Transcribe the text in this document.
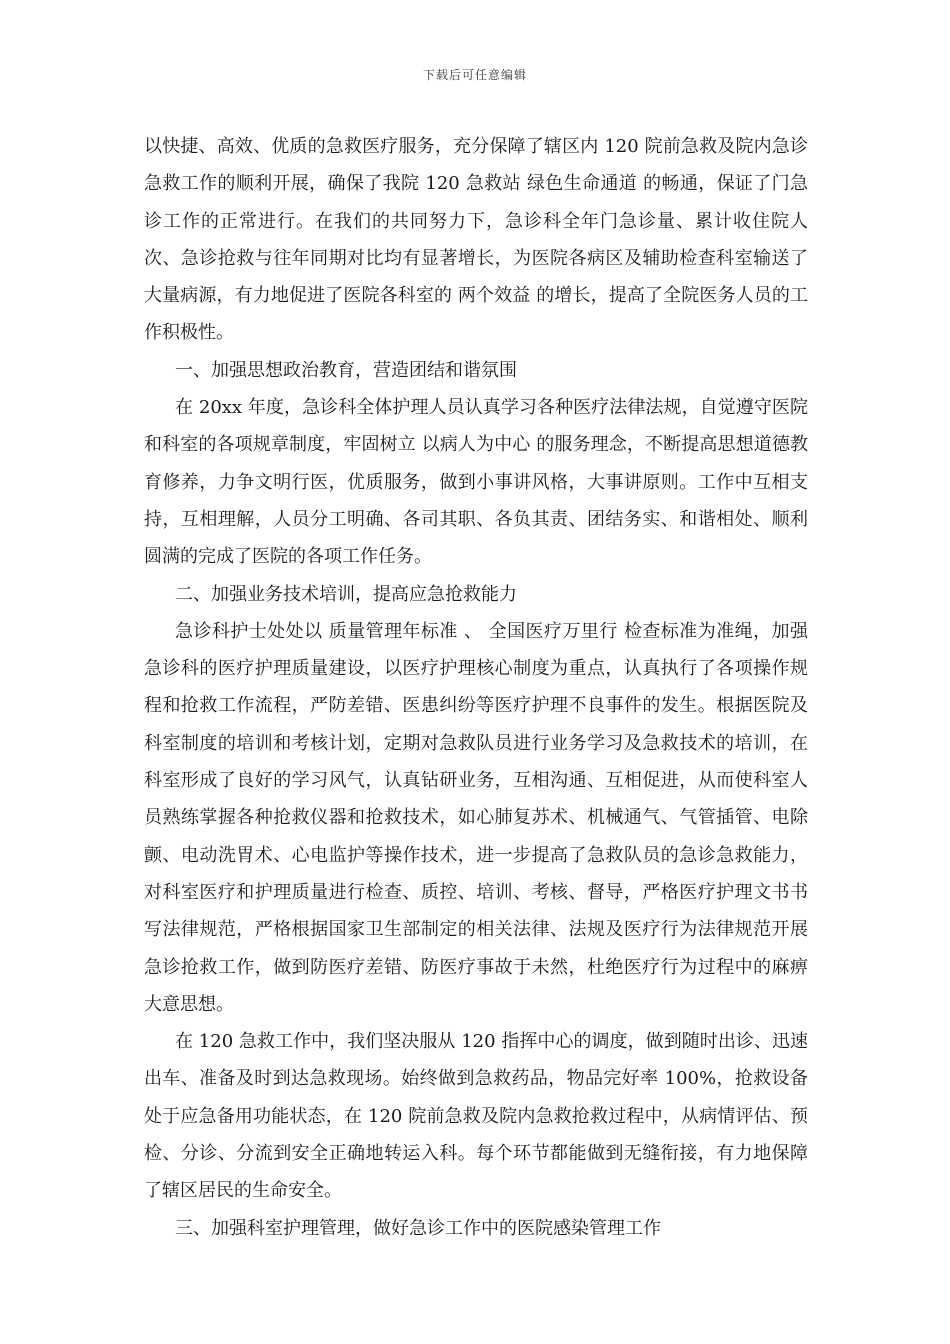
下载后可任意编辑

以快捷、高效、优质的急救医疗服务，充分保障了辖区内 120 院前急救及院内急诊急救工作的顺利开展，确保了我院 120 急救站 绿色生命通道 的畅通，保证了门急诊工作的正常进行。在我们的共同努力下，急诊科全年门急诊量、累计收住院人次、急诊抢救与往年同期对比均有显著增长，为医院各病区及辅助检查科室输送了大量病源，有力地促进了医院各科室的 两个效益 的增长，提高了全院医务人员的工作积极性。

一、加强思想政治教育，营造团结和谐氛围

在 20xx 年度，急诊科全体护理人员认真学习各种医疗法律法规，自觉遵守医院和科室的各项规章制度，牢固树立 以病人为中心 的服务理念，不断提高思想道德教育修养，力争文明行医，优质服务，做到小事讲风格，大事讲原则。工作中互相支持，互相理解，人员分工明确、各司其职、各负其责、团结务实、和谐相处、顺利圆满的完成了医院的各项工作任务。

二、加强业务技术培训，提高应急抢救能力

急诊科护士处处以 质量管理年标准 、 全国医疗万里行 检查标准为准绳，加强急诊科的医疗护理质量建设，以医疗护理核心制度为重点，认真执行了各项操作规程和抢救工作流程，严防差错、医患纠纷等医疗护理不良事件的发生。根据医院及科室制度的培训和考核计划，定期对急救队员进行业务学习及急救技术的培训，在科室形成了良好的学习风气，认真钻研业务，互相沟通、互相促进，从而使科室人员熟练掌握各种抢救仪器和抢救技术，如心肺复苏术、机械通气、气管插管、电除颤、电动洗胃术、心电监护等操作技术，进一步提高了急救队员的急诊急救能力，对科室医疗和护理质量进行检查、质控、培训、考核、督导，严格医疗护理文书书写法律规范，严格根据国家卫生部制定的相关法律、法规及医疗行为法律规范开展急诊抢救工作，做到防医疗差错、防医疗事故于未然，杜绝医疗行为过程中的麻痹大意思想。

在 120 急救工作中，我们坚决服从 120 指挥中心的调度，做到随时出诊、迅速出车、准备及时到达急救现场。始终做到急救药品，物品完好率 100%，抢救设备处于应急备用功能状态，在 120 院前急救及院内急救抢救过程中，从病情评估、预检、分诊、分流到安全正确地转运入科。每个环节都能做到无缝衔接，有力地保障了辖区居民的生命安全。

三、加强科室护理管理，做好急诊工作中的医院感染管理工作
